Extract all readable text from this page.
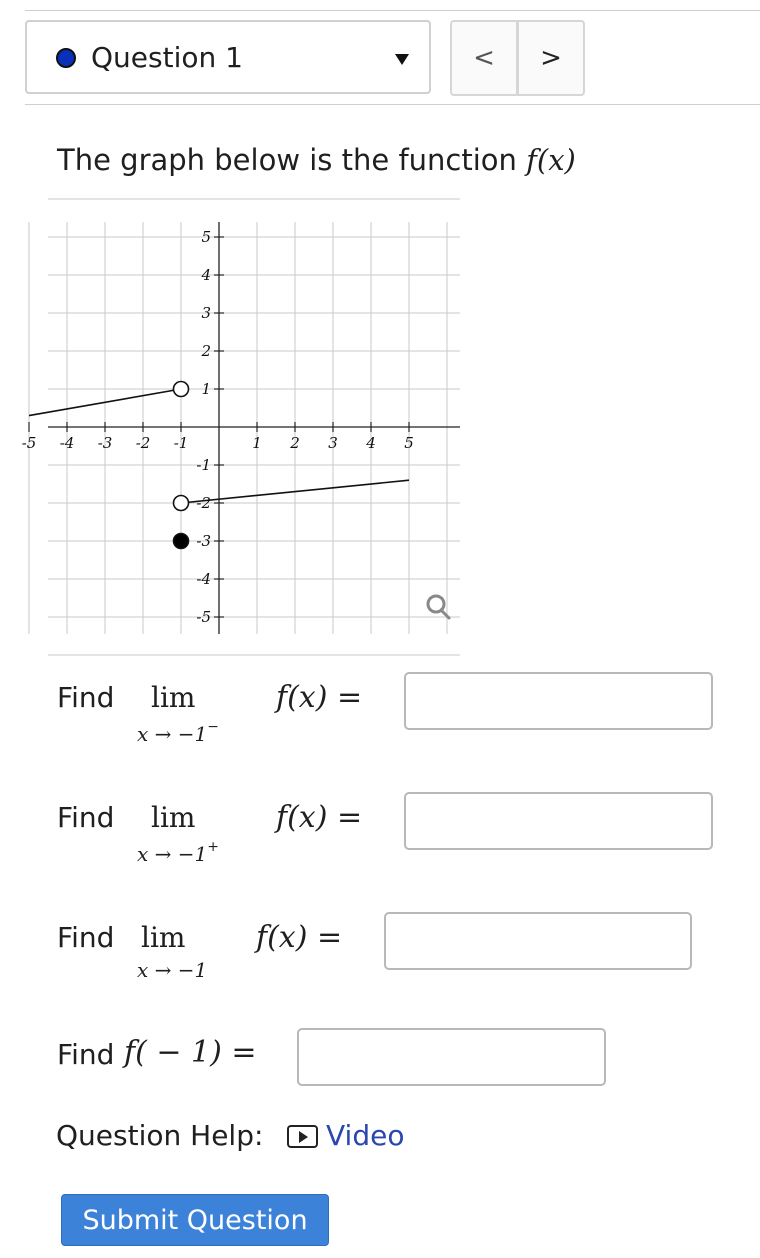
Question 1	<	>
The graph below is the function f(x)
-5 -4 -3 -2 -1	1 2 3 4 5
5
4
3
2
1
-1
-2
-3
-4
-5
Find lim
x → −1−
f(x) =
Find lim
x → −1+
f(x) =
Find lim
x → −1
f(x) =
Find f( − 1) =
Question Help: Video
Submit Question
